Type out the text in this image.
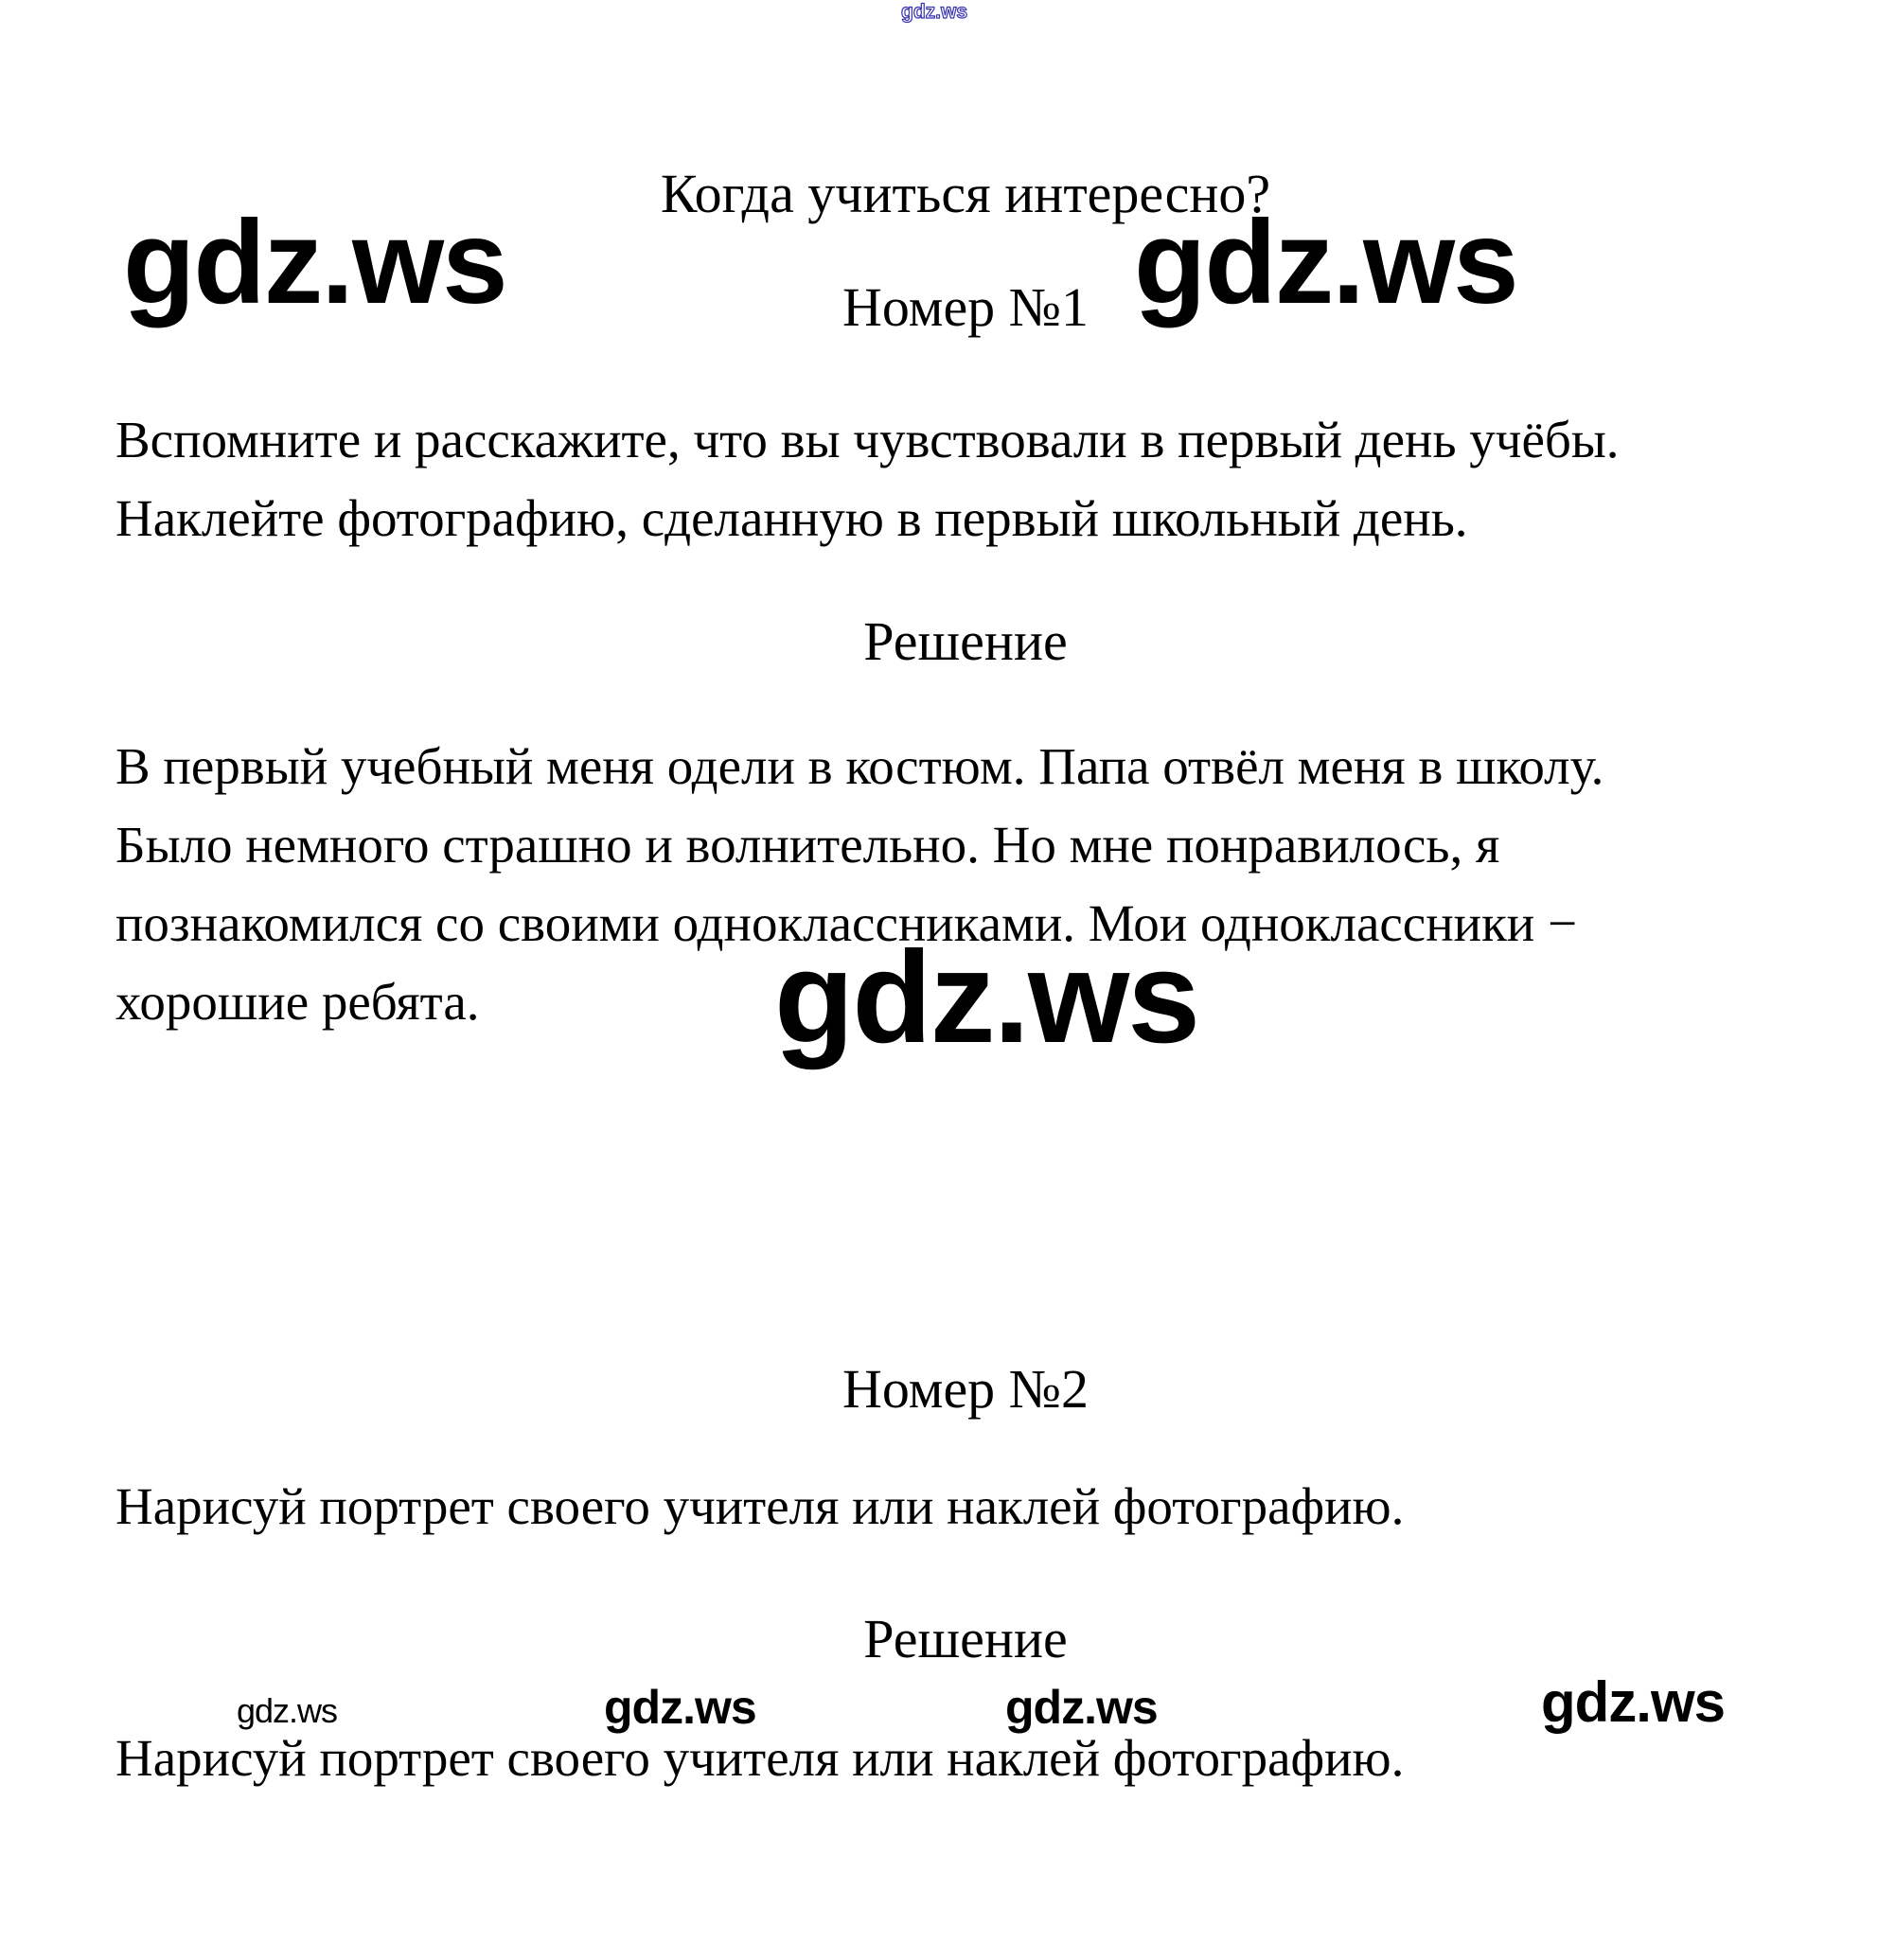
gdz.ws
Когда учиться интересно?
gdz.ws	gdz.ws
Номер №1
Вспомните и расскажите, что вы чувствовали в первый день учёбы.
Наклейте фотографию, сделанную в первый школьный день.
Решение
В первый учебный меня одели в костюм. Папа отвёл меня в школу.
Было немного страшно и волнительно. Но мне понравилось, я
познакомился со своими одноклассниками. Мои одноклассники −
хорошие ребята.	gdz.ws
Номер №2
Нарисуй портрет своего учителя или наклей фотографию.
Решение
gdz.ws	gdz.ws	gdz.ws	gdz.ws
Нарисуй портрет своего учителя или наклей фотографию.
